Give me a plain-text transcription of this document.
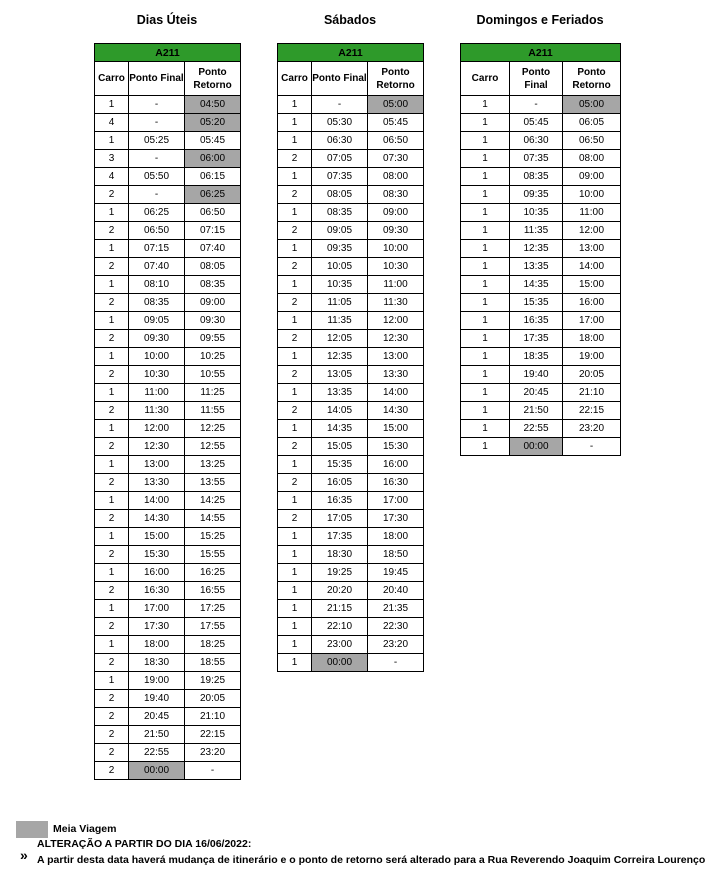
Dias Úteis
A211		
Carro	Ponto Final	Ponto Retorno
1	-	04:50
4	-	05:20
1	05:25	05:45
3	-	06:00
4	05:50	06:15
2	-	06:25
1	06:25	06:50
2	06:50	07:15
1	07:15	07:40
2	07:40	08:05
1	08:10	08:35
2	08:35	09:00
1	09:05	09:30
2	09:30	09:55
1	10:00	10:25
2	10:30	10:55
1	11:00	11:25
2	11:30	11:55
1	12:00	12:25
2	12:30	12:55
1	13:00	13:25
2	13:30	13:55
1	14:00	14:25
2	14:30	14:55
1	15:00	15:25
2	15:30	15:55
1	16:00	16:25
2	16:30	16:55
1	17:00	17:25
2	17:30	17:55
1	18:00	18:25
2	18:30	18:55
1	19:00	19:25
2	19:40	20:05
2	20:45	21:10
2	21:50	22:15
2	22:55	23:20
2	00:00	-
Sábados
A211		
Carro	Ponto Final	Ponto Retorno
1	-	05:00
1	05:30	05:45
1	06:30	06:50
2	07:05	07:30
1	07:35	08:00
2	08:05	08:30
1	08:35	09:00
2	09:05	09:30
1	09:35	10:00
2	10:05	10:30
1	10:35	11:00
2	11:05	11:30
1	11:35	12:00
2	12:05	12:30
1	12:35	13:00
2	13:05	13:30
1	13:35	14:00
2	14:05	14:30
1	14:35	15:00
2	15:05	15:30
1	15:35	16:00
2	16:05	16:30
1	16:35	17:00
2	17:05	17:30
1	17:35	18:00
1	18:30	18:50
1	19:25	19:45
1	20:20	20:40
1	21:15	21:35
1	22:10	22:30
1	23:00	23:20
1	00:00	-
Domingos e Feriados
A211		
Carro	Ponto Final	Ponto Retorno
1	-	05:00
1	05:45	06:05
1	06:30	06:50
1	07:35	08:00
1	08:35	09:00
1	09:35	10:00
1	10:35	11:00
1	11:35	12:00
1	12:35	13:00
1	13:35	14:00
1	14:35	15:00
1	15:35	16:00
1	16:35	17:00
1	17:35	18:00
1	18:35	19:00
1	19:40	20:05
1	20:45	21:10
1	21:50	22:15
1	22:55	23:20
1	00:00	-
Meia Viagem
»
ALTERAÇÃO A PARTIR DO DIA 16/06/2022:
A partir desta data haverá mudança de itinerário e o ponto de retorno será alterado para a Rua Reverendo Joaquim Correira Lourenço
